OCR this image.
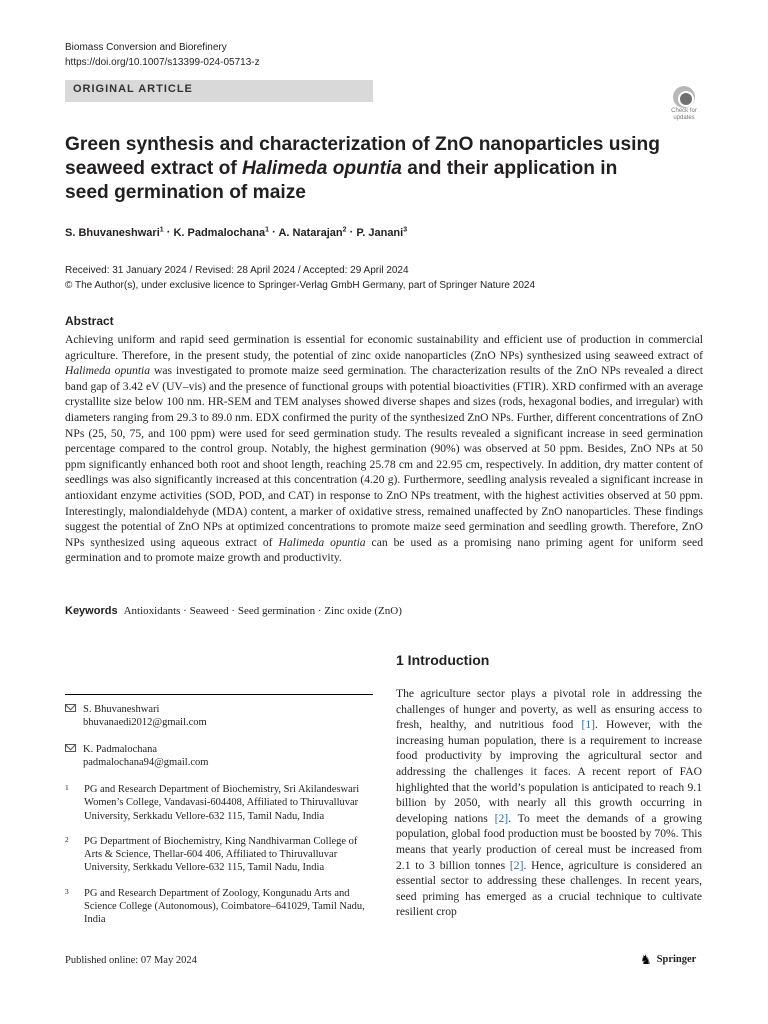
Biomass Conversion and Biorefinery
https://doi.org/10.1007/s13399-024-05713-z
ORIGINAL ARTICLE
Check for
updates
Green synthesis and characterization of ZnO nanoparticles using seaweed extract of Halimeda opuntia and their application in seed germination of maize
S. Bhuvaneshwari$^1$ · K. Padmalochana$^1$ · A. Natarajan$^2$ · P. Janani$^3$
Received: 31 January 2024 / Revised: 28 April 2024 / Accepted: 29 April 2024
© The Author(s), under exclusive licence to Springer-Verlag GmbH Germany, part of Springer Nature 2024
Abstract

Achieving uniform and rapid seed germination is essential for economic sustainability and efficient use of production in commercial agriculture. Therefore, in the present study, the potential of zinc oxide nanoparticles (ZnO NPs) synthesized using seaweed extract of Halimeda opuntia was investigated to promote maize seed germination. The characterization results of the ZnO NPs revealed a direct band gap of 3.42 eV (UV–vis) and the presence of functional groups with potential bioactivities (FTIR). XRD confirmed with an average crystallite size below 100 nm. HR-SEM and TEM analyses showed diverse shapes and sizes (rods, hexagonal bodies, and irregular) with diameters ranging from 29.3 to 89.0 nm. EDX confirmed the purity of the synthesized ZnO NPs. Further, different concentrations of ZnO NPs (25, 50, 75, and 100 ppm) were used for seed germination study. The results revealed a significant increase in seed germination percentage compared to the control group. Notably, the highest germination (90%) was observed at 50 ppm. Besides, ZnO NPs at 50 ppm significantly enhanced both root and shoot length, reaching 25.78 cm and 22.95 cm, respectively. In addition, dry matter content of seedlings was also significantly increased at this concentration (4.20 g). Furthermore, seedling analysis revealed a significant increase in antioxidant enzyme activities (SOD, POD, and CAT) in response to ZnO NPs treatment, with the highest activities observed at 50 ppm. Interestingly, malondialdehyde (MDA) content, a marker of oxidative stress, remained unaffected by ZnO nanoparticles. These findings suggest the potential of ZnO NPs at optimized concentrations to promote maize seed germination and seedling growth. Therefore, ZnO NPs synthesized using aqueous extract of Halimeda opuntia can be used as a promising nano priming agent for uniform seed germination and to promote maize growth and productivity.

Keywords Antioxidants · Seaweed · Seed germination · Zinc oxide (ZnO)
S. Bhuvaneshwari
bhuvanaedi2012@gmail.com
K. Padmalochana
padmalochana94@gmail.com
1 PG and Research Department of Biochemistry, Sri Akilandeswari Women’s College, Vandavasi-604408, Affiliated to Thiruvalluvar University, Serkkadu Vellore-632 115, Tamil Nadu, India
2 PG Department of Biochemistry, King Nandhivarman College of Arts & Science, Thellar-604 406, Affiliated to Thiruvalluvar University, Serkkadu Vellore-632 115, Tamil Nadu, India
3 PG and Research Department of Zoology, Kongunadu Arts and Science College (Autonomous), Coimbatore–641029, Tamil Nadu, India
Published online: 07 May 2024
1 Introduction
The agriculture sector plays a pivotal role in addressing the challenges of hunger and poverty, as well as ensuring access to fresh, healthy, and nutritious food [1]. However, with the increasing human population, there is a requirement to increase food productivity by improving the agricultural sector and addressing the challenges it faces. A recent report of FAO highlighted that the world’s population is anticipated to reach 9.1 billion by 2050, with nearly all this growth occurring in developing nations [2]. To meet the demands of a growing population, global food production must be boosted by 70%. This means that yearly production of cereal must be increased from 2.1 to 3 billion tonnes [2]. Hence, agriculture is considered an essential sector to addressing these challenges. In recent years, seed priming has emerged as a crucial technique to cultivate resilient crop
♞ Springer
